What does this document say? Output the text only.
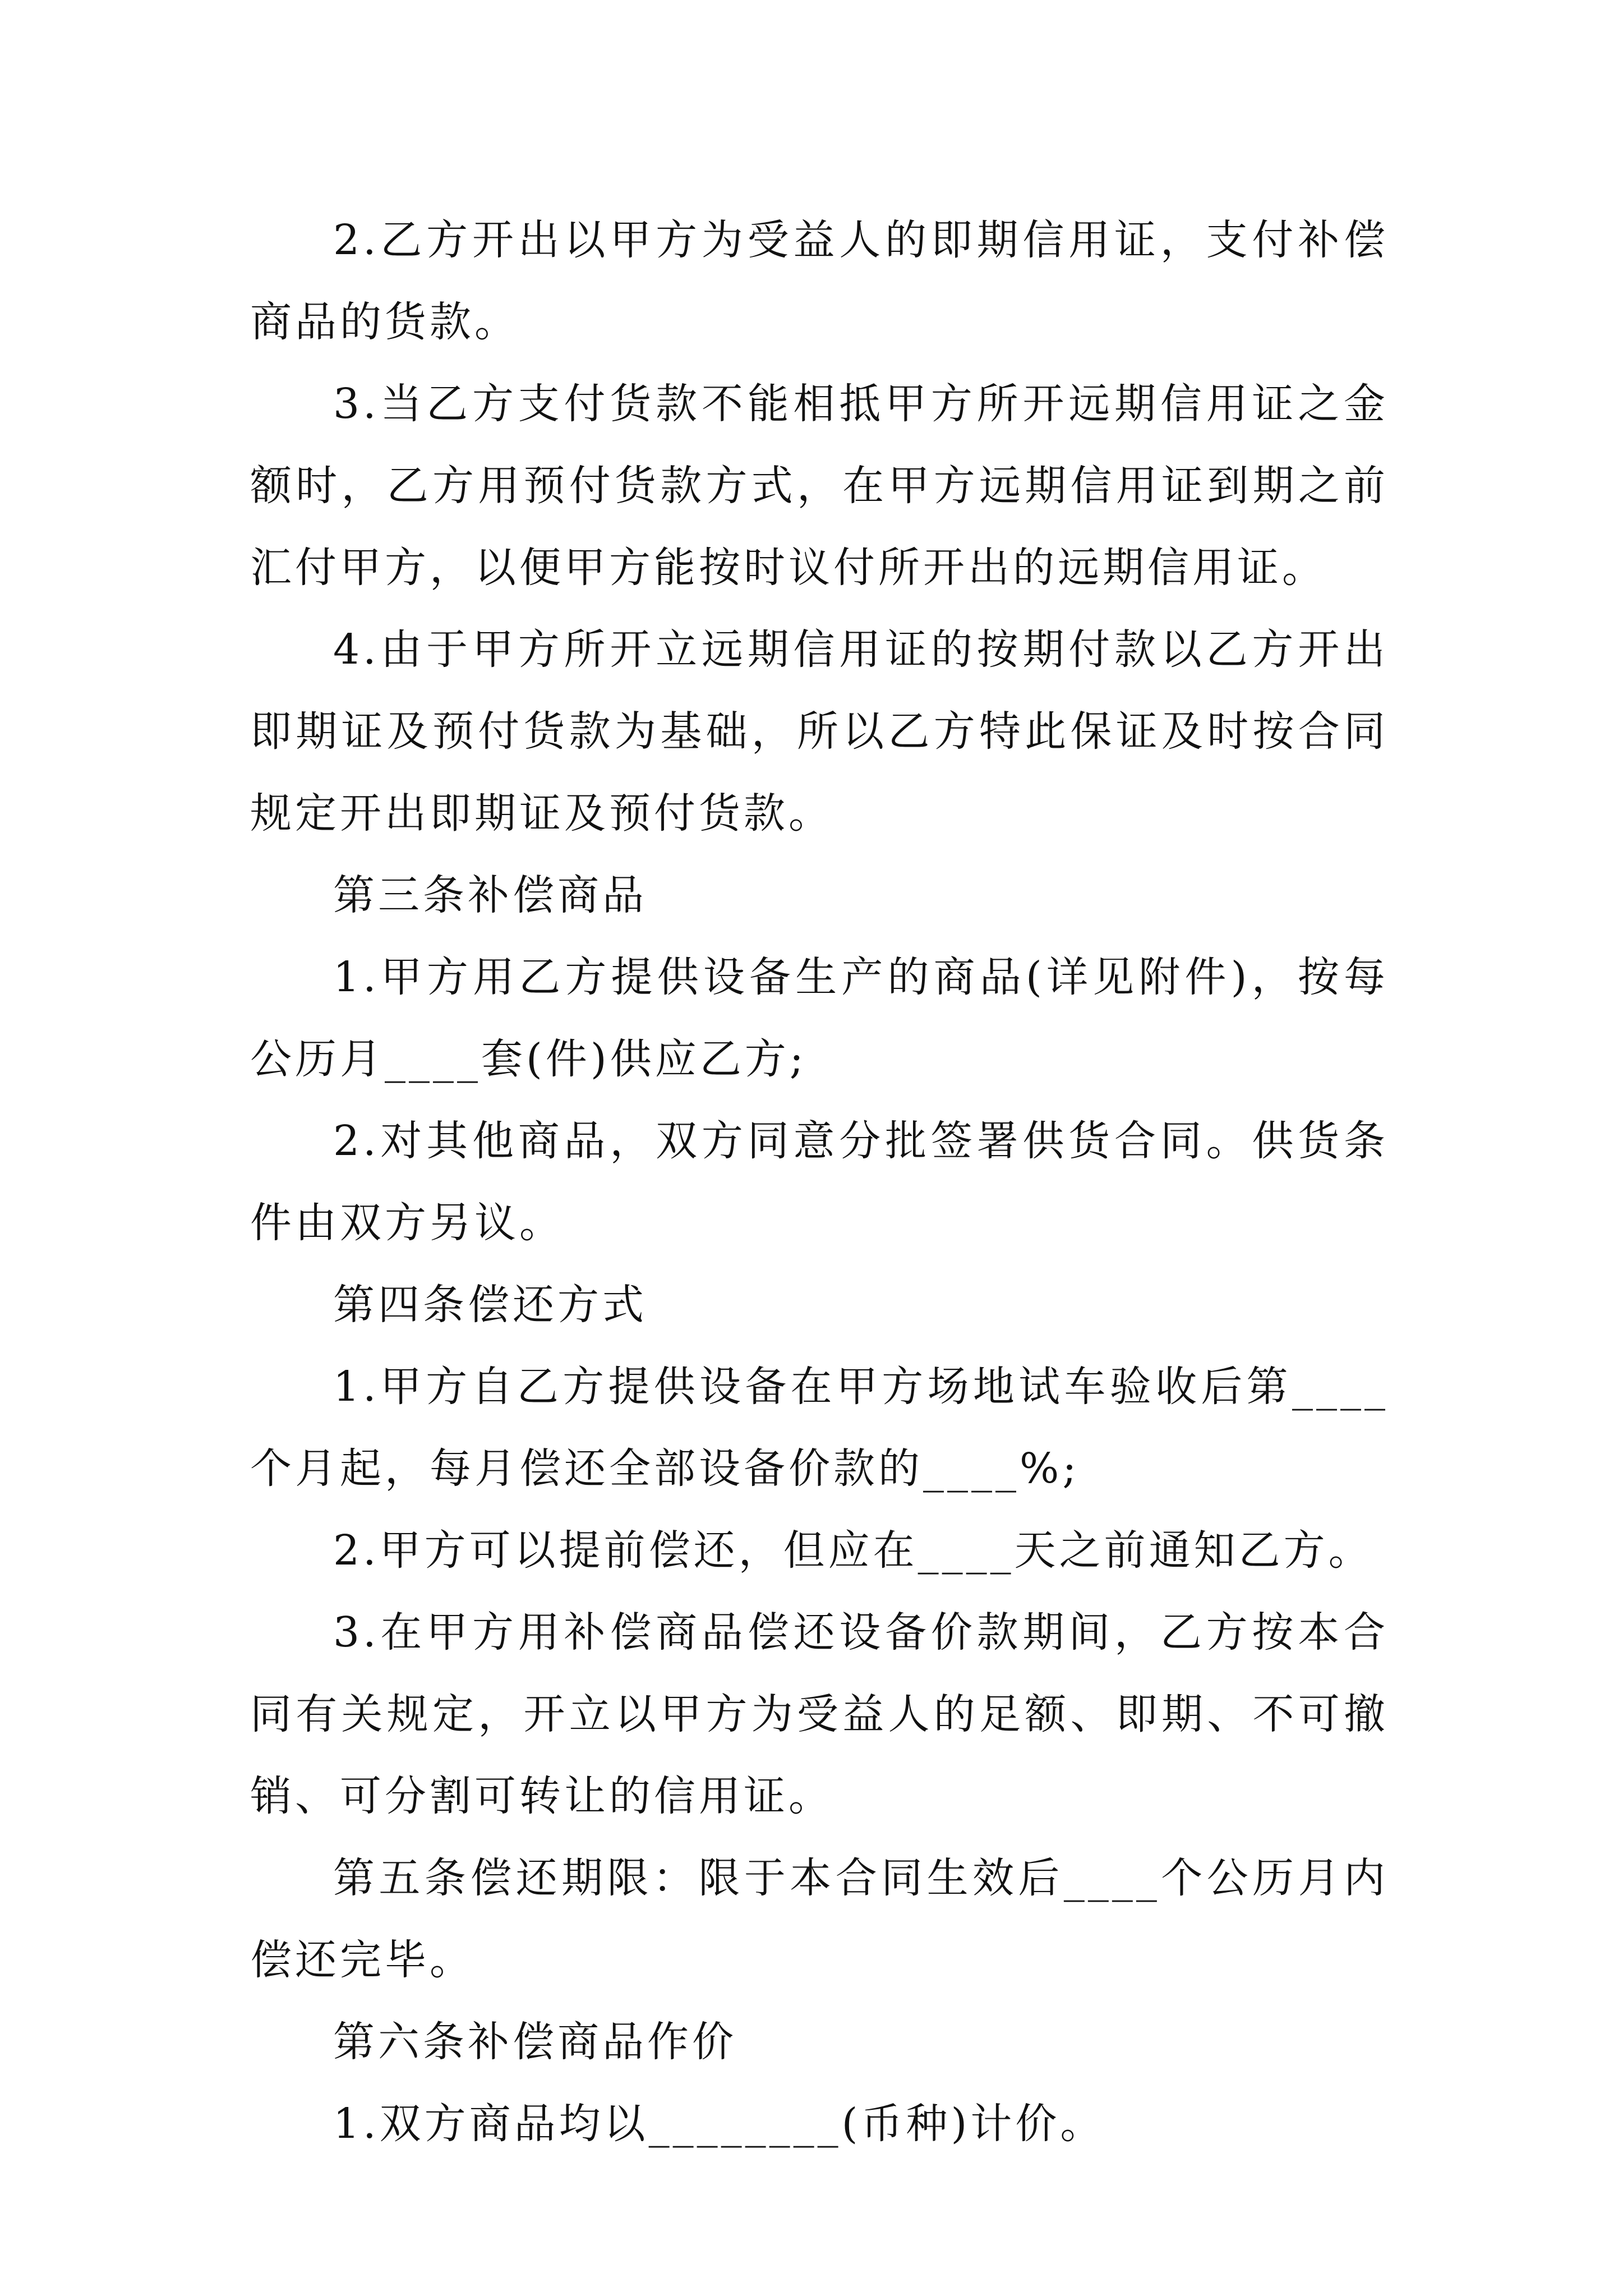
2.乙方开出以甲方为受益人的即期信用证，支付补偿商品的货款。

3.当乙方支付货款不能相抵甲方所开远期信用证之金额时，乙方用预付货款方式，在甲方远期信用证到期之前汇付甲方，以便甲方能按时议付所开出的远期信用证。

4.由于甲方所开立远期信用证的按期付款以乙方开出即期证及预付货款为基础，所以乙方特此保证及时按合同规定开出即期证及预付货款。

第三条补偿商品

1.甲方用乙方提供设备生产的商品(详见附件)，按每公历月____套(件)供应乙方;

2.对其他商品，双方同意分批签署供货合同。供货条件由双方另议。

第四条偿还方式

1.甲方自乙方提供设备在甲方场地试车验收后第____个月起，每月偿还全部设备价款的____%;

2.甲方可以提前偿还，但应在____天之前通知乙方。

3.在甲方用补偿商品偿还设备价款期间，乙方按本合同有关规定，开立以甲方为受益人的足额、即期、不可撤销、可分割可转让的信用证。

第五条偿还期限：限于本合同生效后____个公历月内偿还完毕。

第六条补偿商品作价

1.双方商品均以________(币种)计价。
